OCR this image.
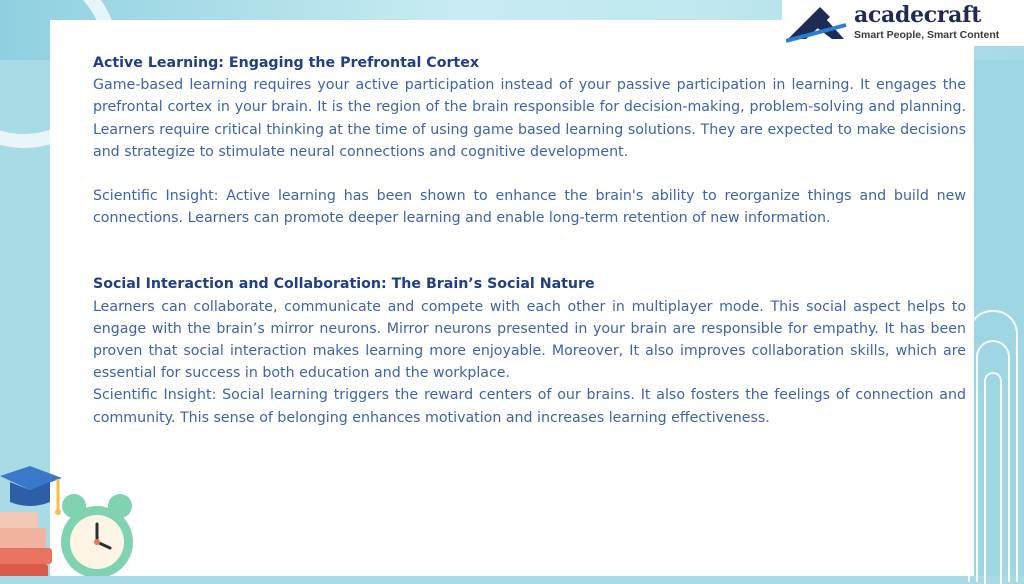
acadecraft
Smart People, Smart Content

Active Learning: Engaging the Prefrontal Cortex

Game-based learning requires your active participation instead of your passive participation in learning. It engages the prefrontal cortex in your brain. It is the region of the brain responsible for decision-making, problem-solving and planning. Learners require critical thinking at the time of using game based learning solutions. They are expected to make decisions and strategize to stimulate neural connections and cognitive development.

Scientific Insight: Active learning has been shown to enhance the brain's ability to reorganize things and build new connections. Learners can promote deeper learning and enable long-term retention of new information.

Social Interaction and Collaboration: The Brain’s Social Nature

Learners can collaborate, communicate and compete with each other in multiplayer mode. This social aspect helps to engage with the brain’s mirror neurons. Mirror neurons presented in your brain are responsible for empathy. It has been proven that social interaction makes learning more enjoyable. Moreover, It also improves collaboration skills, which are essential for success in both education and the workplace.

Scientific Insight: Social learning triggers the reward centers of our brains. It also fosters the feelings of connection and community. This sense of belonging enhances motivation and increases learning effectiveness.
